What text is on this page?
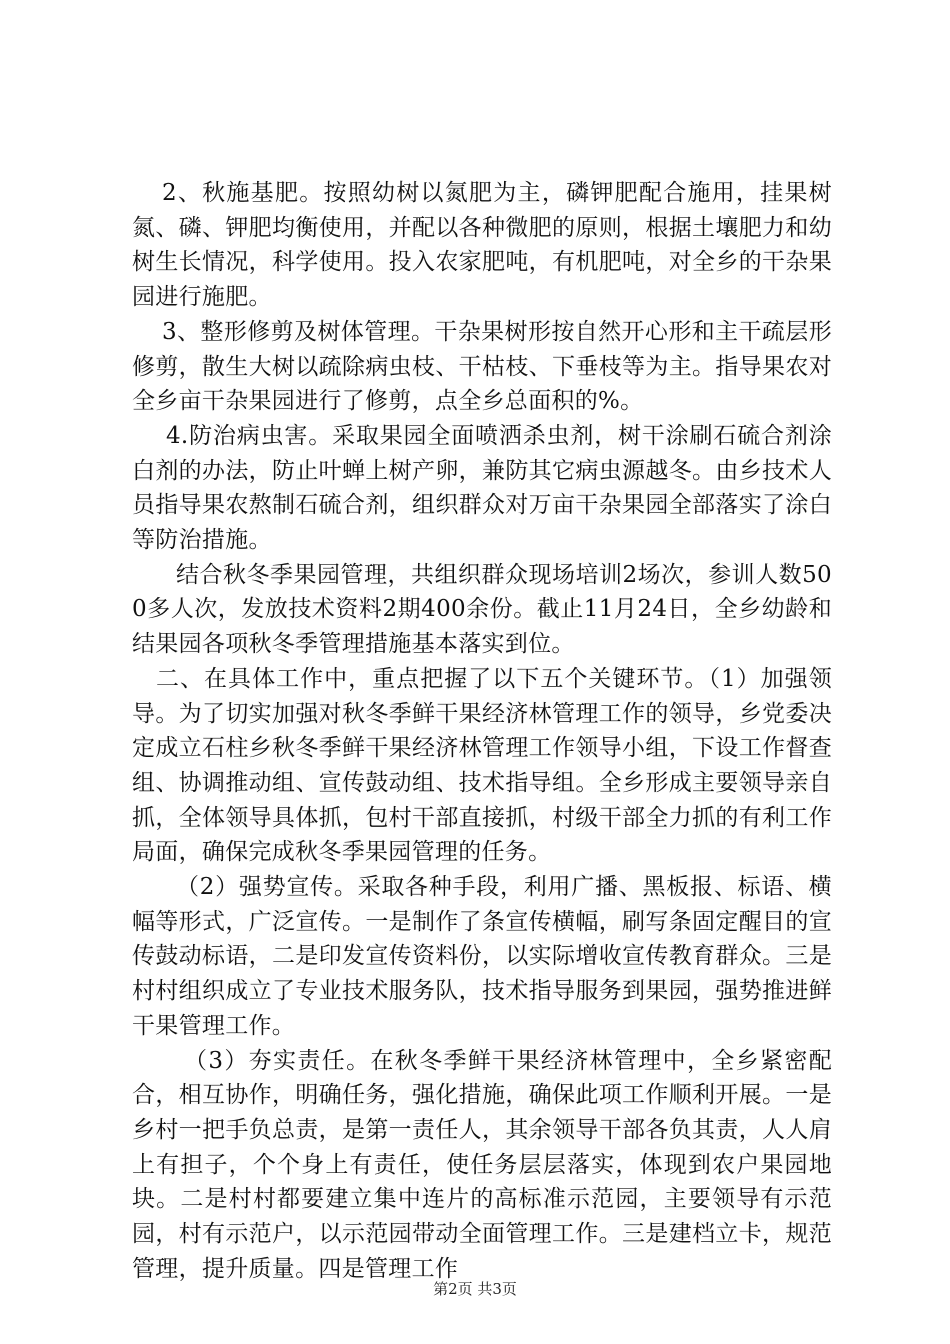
2、秋施基肥。按照幼树以氮肥为主，磷钾肥配合施用，挂果树氮、磷、钾肥均衡使用，并配以各种微肥的原则，根据土壤肥力和幼树生长情况，科学使用。投入农家肥吨，有机肥吨，对全乡的干杂果园进行施肥。

3、整形修剪及树体管理。干杂果树形按自然开心形和主干疏层形修剪，散生大树以疏除病虫枝、干枯枝、下垂枝等为主。指导果农对全乡亩干杂果园进行了修剪，点全乡总面积的%。

4.防治病虫害。采取果园全面喷洒杀虫剂，树干涂刷石硫合剂涂白剂的办法，防止叶蝉上树产卵，兼防其它病虫源越冬。由乡技术人员指导果农熬制石硫合剂，组织群众对万亩干杂果园全部落实了涂白等防治措施。

结合秋冬季果园管理，共组织群众现场培训2场次，参训人数500多人次，发放技术资料2期400余份。截止11月24日，全乡幼龄和结果园各项秋冬季管理措施基本落实到位。

二、在具体工作中，重点把握了以下五个关键环节。（1）加强领导。为了切实加强对秋冬季鲜干果经济林管理工作的领导，乡党委决定成立石柱乡秋冬季鲜干果经济林管理工作领导小组，下设工作督查组、协调推动组、宣传鼓动组、技术指导组。全乡形成主要领导亲自抓，全体领导具体抓，包村干部直接抓，村级干部全力抓的有利工作局面，确保完成秋冬季果园管理的任务。

（2）强势宣传。采取各种手段，利用广播、黑板报、标语、横幅等形式，广泛宣传。一是制作了条宣传横幅，刷写条固定醒目的宣传鼓动标语，二是印发宣传资料份，以实际增收宣传教育群众。三是村村组织成立了专业技术服务队，技术指导服务到果园，强势推进鲜干果管理工作。

（3）夯实责任。在秋冬季鲜干果经济林管理中，全乡紧密配合，相互协作，明确任务，强化措施，确保此项工作顺利开展。一是乡村一把手负总责，是第一责任人，其余领导干部各负其责，人人肩上有担子，个个身上有责任，使任务层层落实，体现到农户果园地块。二是村村都要建立集中连片的高标准示范园，主要领导有示范园，村有示范户，以示范园带动全面管理工作。三是建档立卡，规范管理，提升质量。四是管理工作

第2页 共3页
